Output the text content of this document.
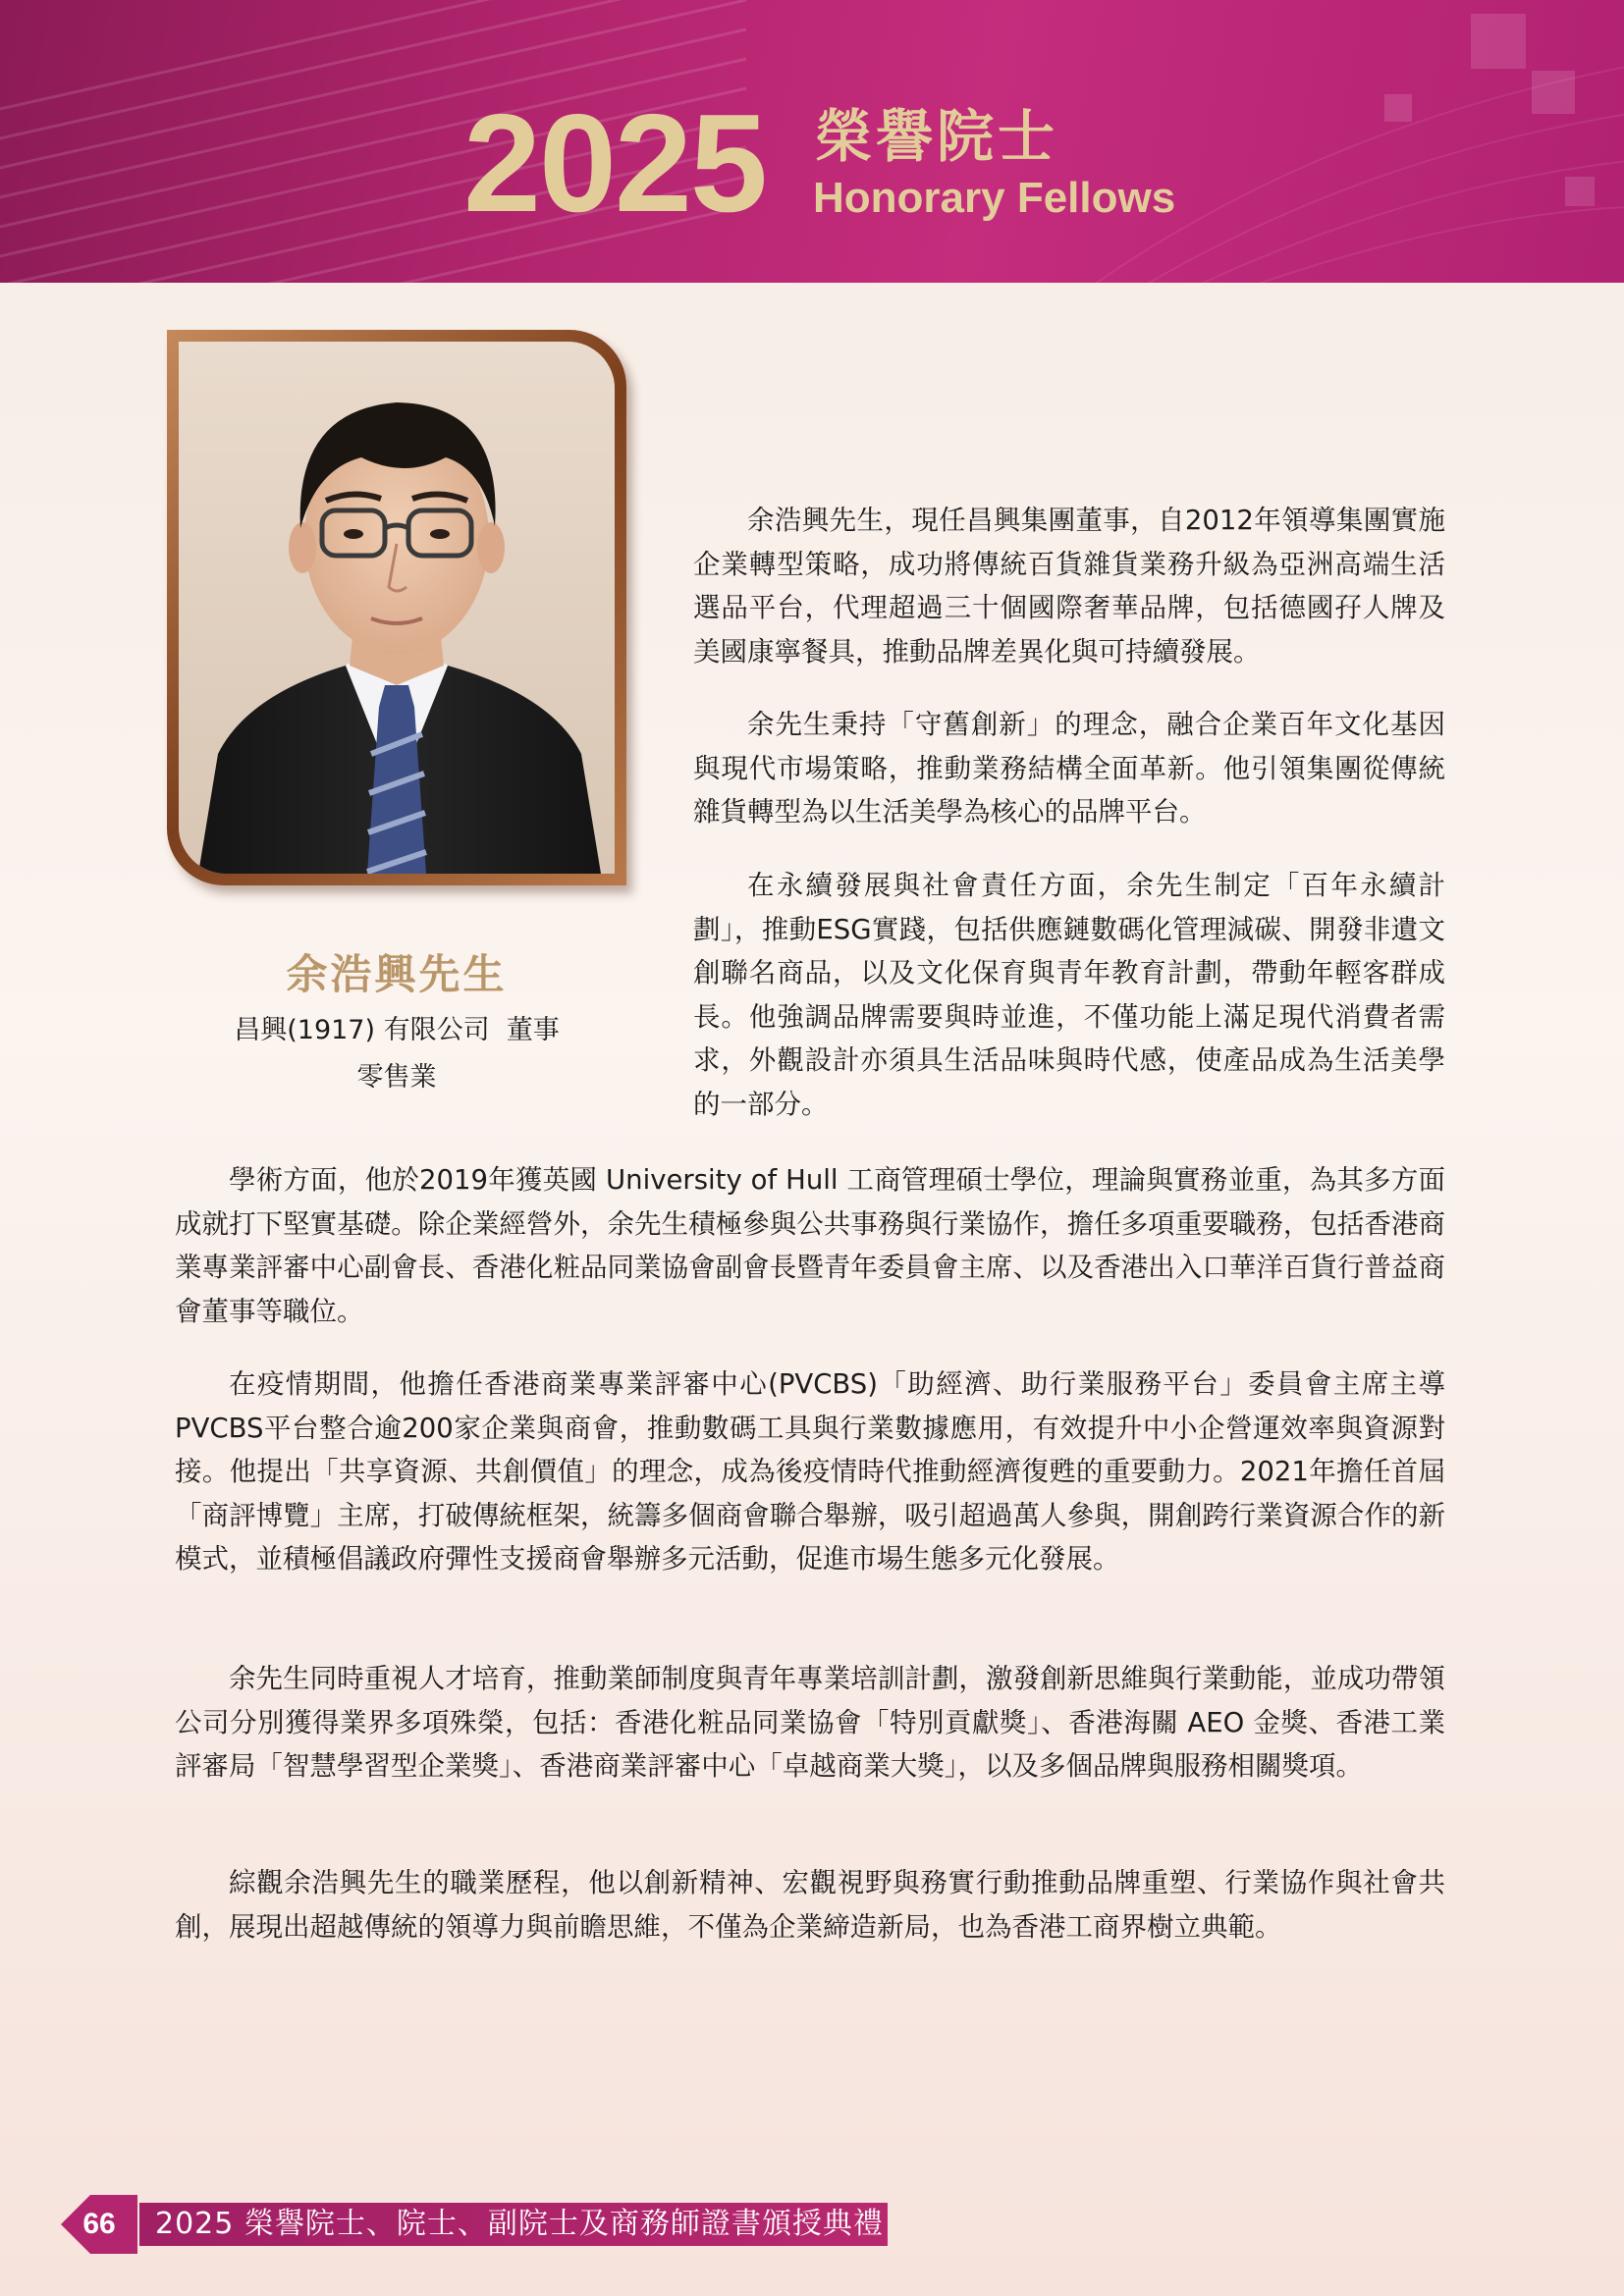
2025 榮譽院士
Honorary Fellows
余浩興先生
昌興(1917) 有限公司  董事
零售業

余浩興先生，現任昌興集團董事，自2012年領導集團實施企業轉型策略，成功將傳統百貨雜貨業務升級為亞洲高端生活選品平台，代理超過三十個國際奢華品牌，包括德國孖人牌及美國康寧餐具，推動品牌差異化與可持續發展。

余先生秉持「守舊創新」的理念，融合企業百年文化基因與現代市場策略，推動業務結構全面革新。他引領集團從傳統雜貨轉型為以生活美學為核心的品牌平台。

在永續發展與社會責任方面，余先生制定「百年永續計劃」，推動ESG實踐，包括供應鏈數碼化管理減碳、開發非遺文創聯名商品，以及文化保育與青年教育計劃，帶動年輕客群成長。他強調品牌需要與時並進，不僅功能上滿足現代消費者需求，外觀設計亦須具生活品味與時代感，使產品成為生活美學的一部分。

學術方面，他於2019年獲英國 University of Hull 工商管理碩士學位，理論與實務並重，為其多方面成就打下堅實基礎。除企業經營外，余先生積極參與公共事務與行業協作，擔任多項重要職務，包括香港商業專業評審中心副會長、香港化粧品同業協會副會長暨青年委員會主席、以及香港出入口華洋百貨行普益商會董事等職位。

在疫情期間，他擔任香港商業專業評審中心(PVCBS)「助經濟、助行業服務平台」委員會主席主導PVCBS平台整合逾200家企業與商會，推動數碼工具與行業數據應用，有效提升中小企營運效率與資源對接。他提出「共享資源、共創價值」的理念，成為後疫情時代推動經濟復甦的重要動力。2021年擔任首屆「商評博覽」主席，打破傳統框架，統籌多個商會聯合舉辦，吸引超過萬人參與，開創跨行業資源合作的新模式，並積極倡議政府彈性支援商會舉辦多元活動，促進市場生態多元化發展。

余先生同時重視人才培育，推動業師制度與青年專業培訓計劃，激發創新思維與行業動能，並成功帶領公司分別獲得業界多項殊榮，包括：香港化粧品同業協會「特別貢獻獎」、香港海關 AEO 金獎、香港工業評審局「智慧學習型企業獎」、香港商業評審中心「卓越商業大獎」，以及多個品牌與服務相關獎項。

綜觀余浩興先生的職業歷程，他以創新精神、宏觀視野與務實行動推動品牌重塑、行業協作與社會共創，展現出超越傳統的領導力與前瞻思維，不僅為企業締造新局，也為香港工商界樹立典範。

66	2025 榮譽院士、院士、副院士及商務師證書頒授典禮
